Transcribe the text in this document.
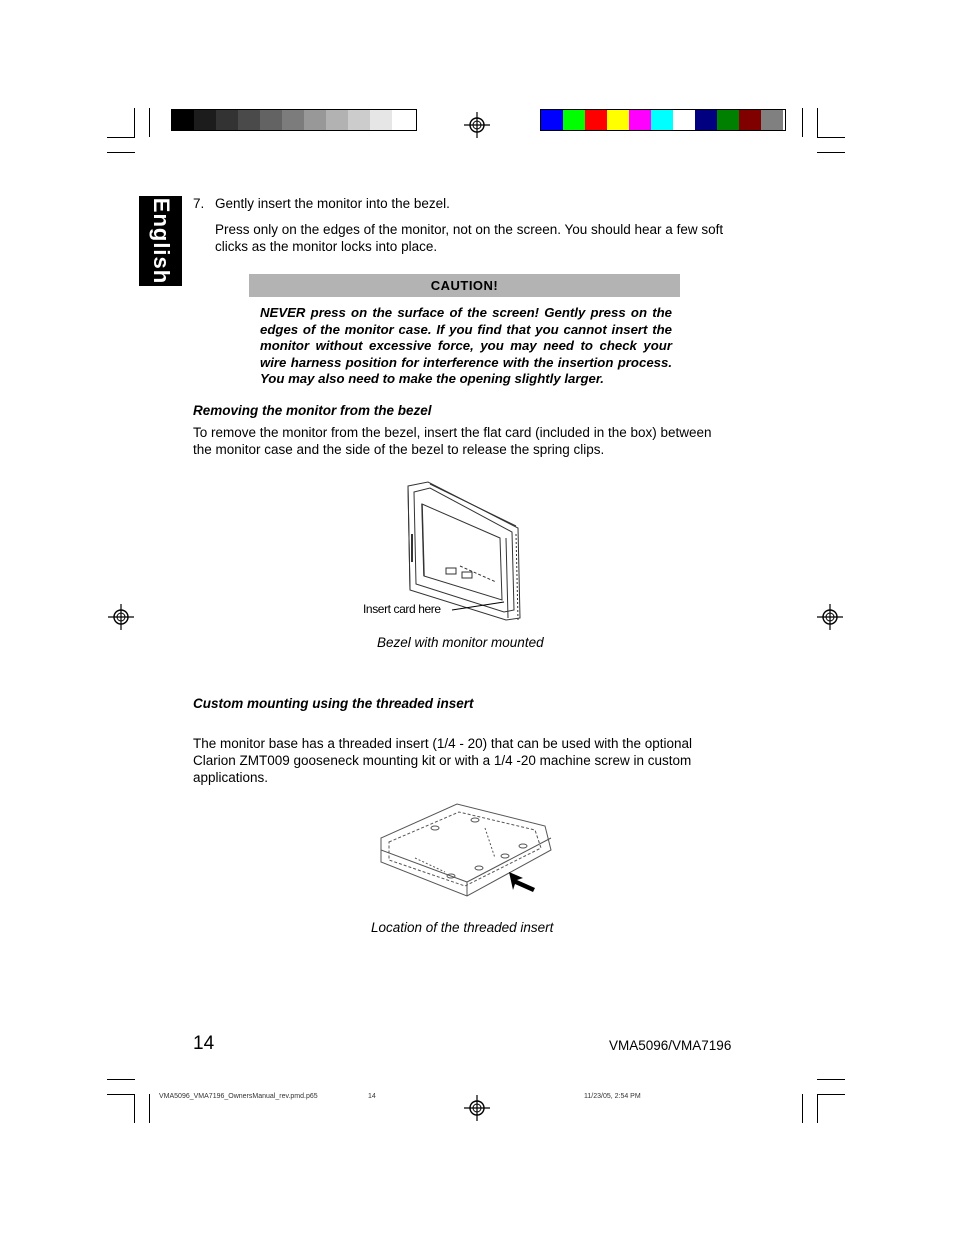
English 7. Gently insert the monitor into the bezel.
Press only on the edges of the monitor, not on the screen. You should hear a few soft clicks as the monitor locks into place.
CAUTION!
NEVER press on the surface of the screen! Gently press on the edges of the monitor case. If you find that you cannot insert the monitor without excessive force, you may need to check your wire harness position for interference with the insertion process. You may also need to make the opening slightly larger.
Removing the monitor from the bezel
To remove the monitor from the bezel, insert the flat card (included in the box) between the monitor case and the side of the bezel to release the spring clips.
Insert card here
Bezel with monitor mounted
Custom mounting using the threaded insert
The monitor base has a threaded insert (1/4 - 20) that can be used with the optional Clarion ZMT009 gooseneck mounting kit or with a 1/4 -20 machine screw in custom applications.
Location of the threaded insert
14	VMA5096/VMA7196
VMA5096_VMA7196_OwnersManual_rev.pmd.p65	14	11/23/05, 2:54 PM
